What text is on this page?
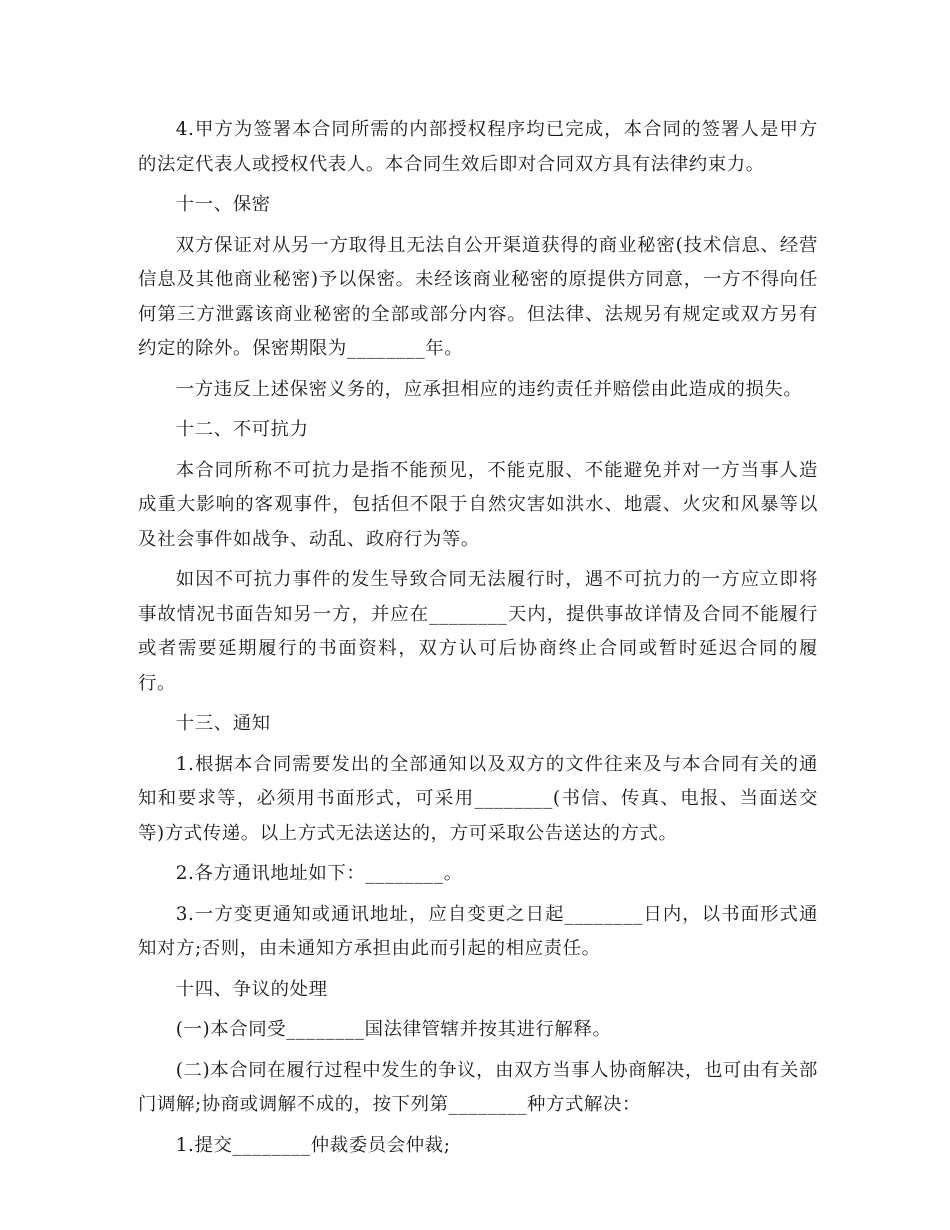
4.甲方为签署本合同所需的内部授权程序均已完成，本合同的签署人是甲方的法定代表人或授权代表人。本合同生效后即对合同双方具有法律约束力。

十一、保密

双方保证对从另一方取得且无法自公开渠道获得的商业秘密(技术信息、经营信息及其他商业秘密)予以保密。未经该商业秘密的原提供方同意，一方不得向任何第三方泄露该商业秘密的全部或部分内容。但法律、法规另有规定或双方另有约定的除外。保密期限为________年。

一方违反上述保密义务的，应承担相应的违约责任并赔偿由此造成的损失。

十二、不可抗力

本合同所称不可抗力是指不能预见，不能克服、不能避免并对一方当事人造成重大影响的客观事件，包括但不限于自然灾害如洪水、地震、火灾和风暴等以及社会事件如战争、动乱、政府行为等。

如因不可抗力事件的发生导致合同无法履行时，遇不可抗力的一方应立即将事故情况书面告知另一方，并应在________天内，提供事故详情及合同不能履行或者需要延期履行的书面资料，双方认可后协商终止合同或暂时延迟合同的履行。

十三、通知

1.根据本合同需要发出的全部通知以及双方的文件往来及与本合同有关的通知和要求等，必须用书面形式，可采用________(书信、传真、电报、当面送交等)方式传递。以上方式无法送达的，方可采取公告送达的方式。

2.各方通讯地址如下：________。

3.一方变更通知或通讯地址，应自变更之日起________日内，以书面形式通知对方;否则，由未通知方承担由此而引起的相应责任。

十四、争议的处理

(一)本合同受________国法律管辖并按其进行解释。

(二)本合同在履行过程中发生的争议，由双方当事人协商解决，也可由有关部门调解;协商或调解不成的，按下列第________种方式解决：

1.提交________仲裁委员会仲裁;
